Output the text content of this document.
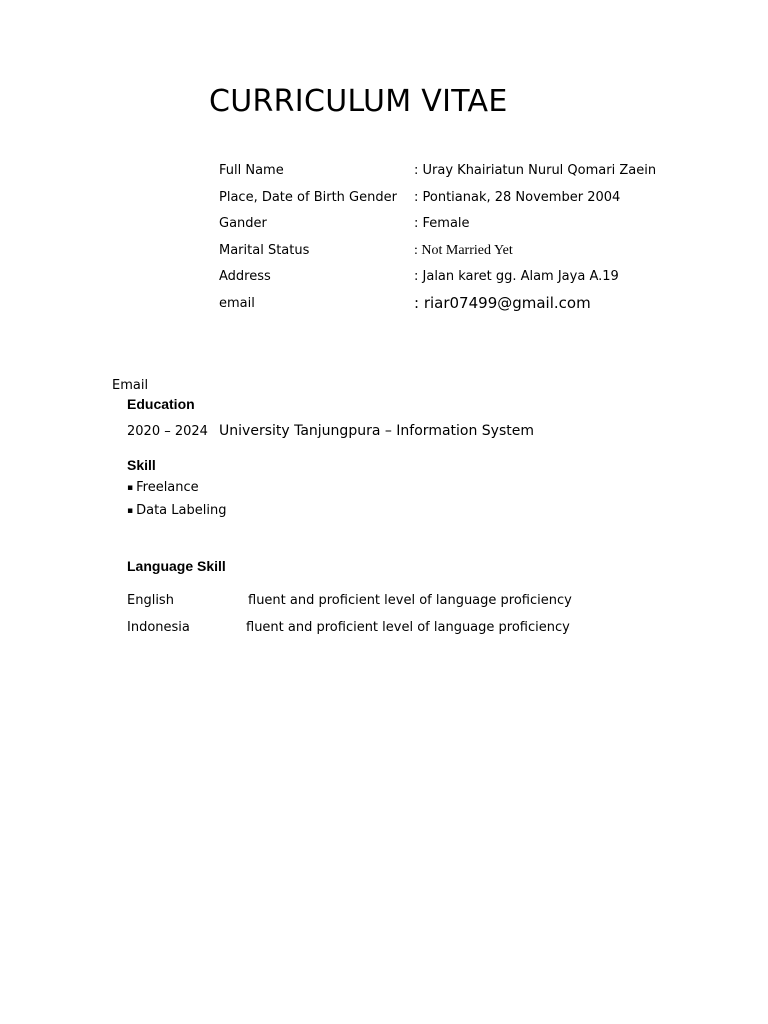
CURRICULUM VITAE
Full Name	: Uray Khairiatun Nurul Qomari Zaein
Place, Date of Birth Gender : Pontianak, 28 November 2004
Gander	: Female
Marital Status	: Not Married Yet
Address	: Jalan karet gg. Alam Jaya A.19
email	: riar07499@gmail.com
Email
Education
2020 – 2024 University Tanjungpura – Information System
Skill
▪ Freelance
▪ Data Labeling
Language Skill
English	fluent and proficient level of language proficiency
Indonesia	fluent and proficient level of language proficiency
